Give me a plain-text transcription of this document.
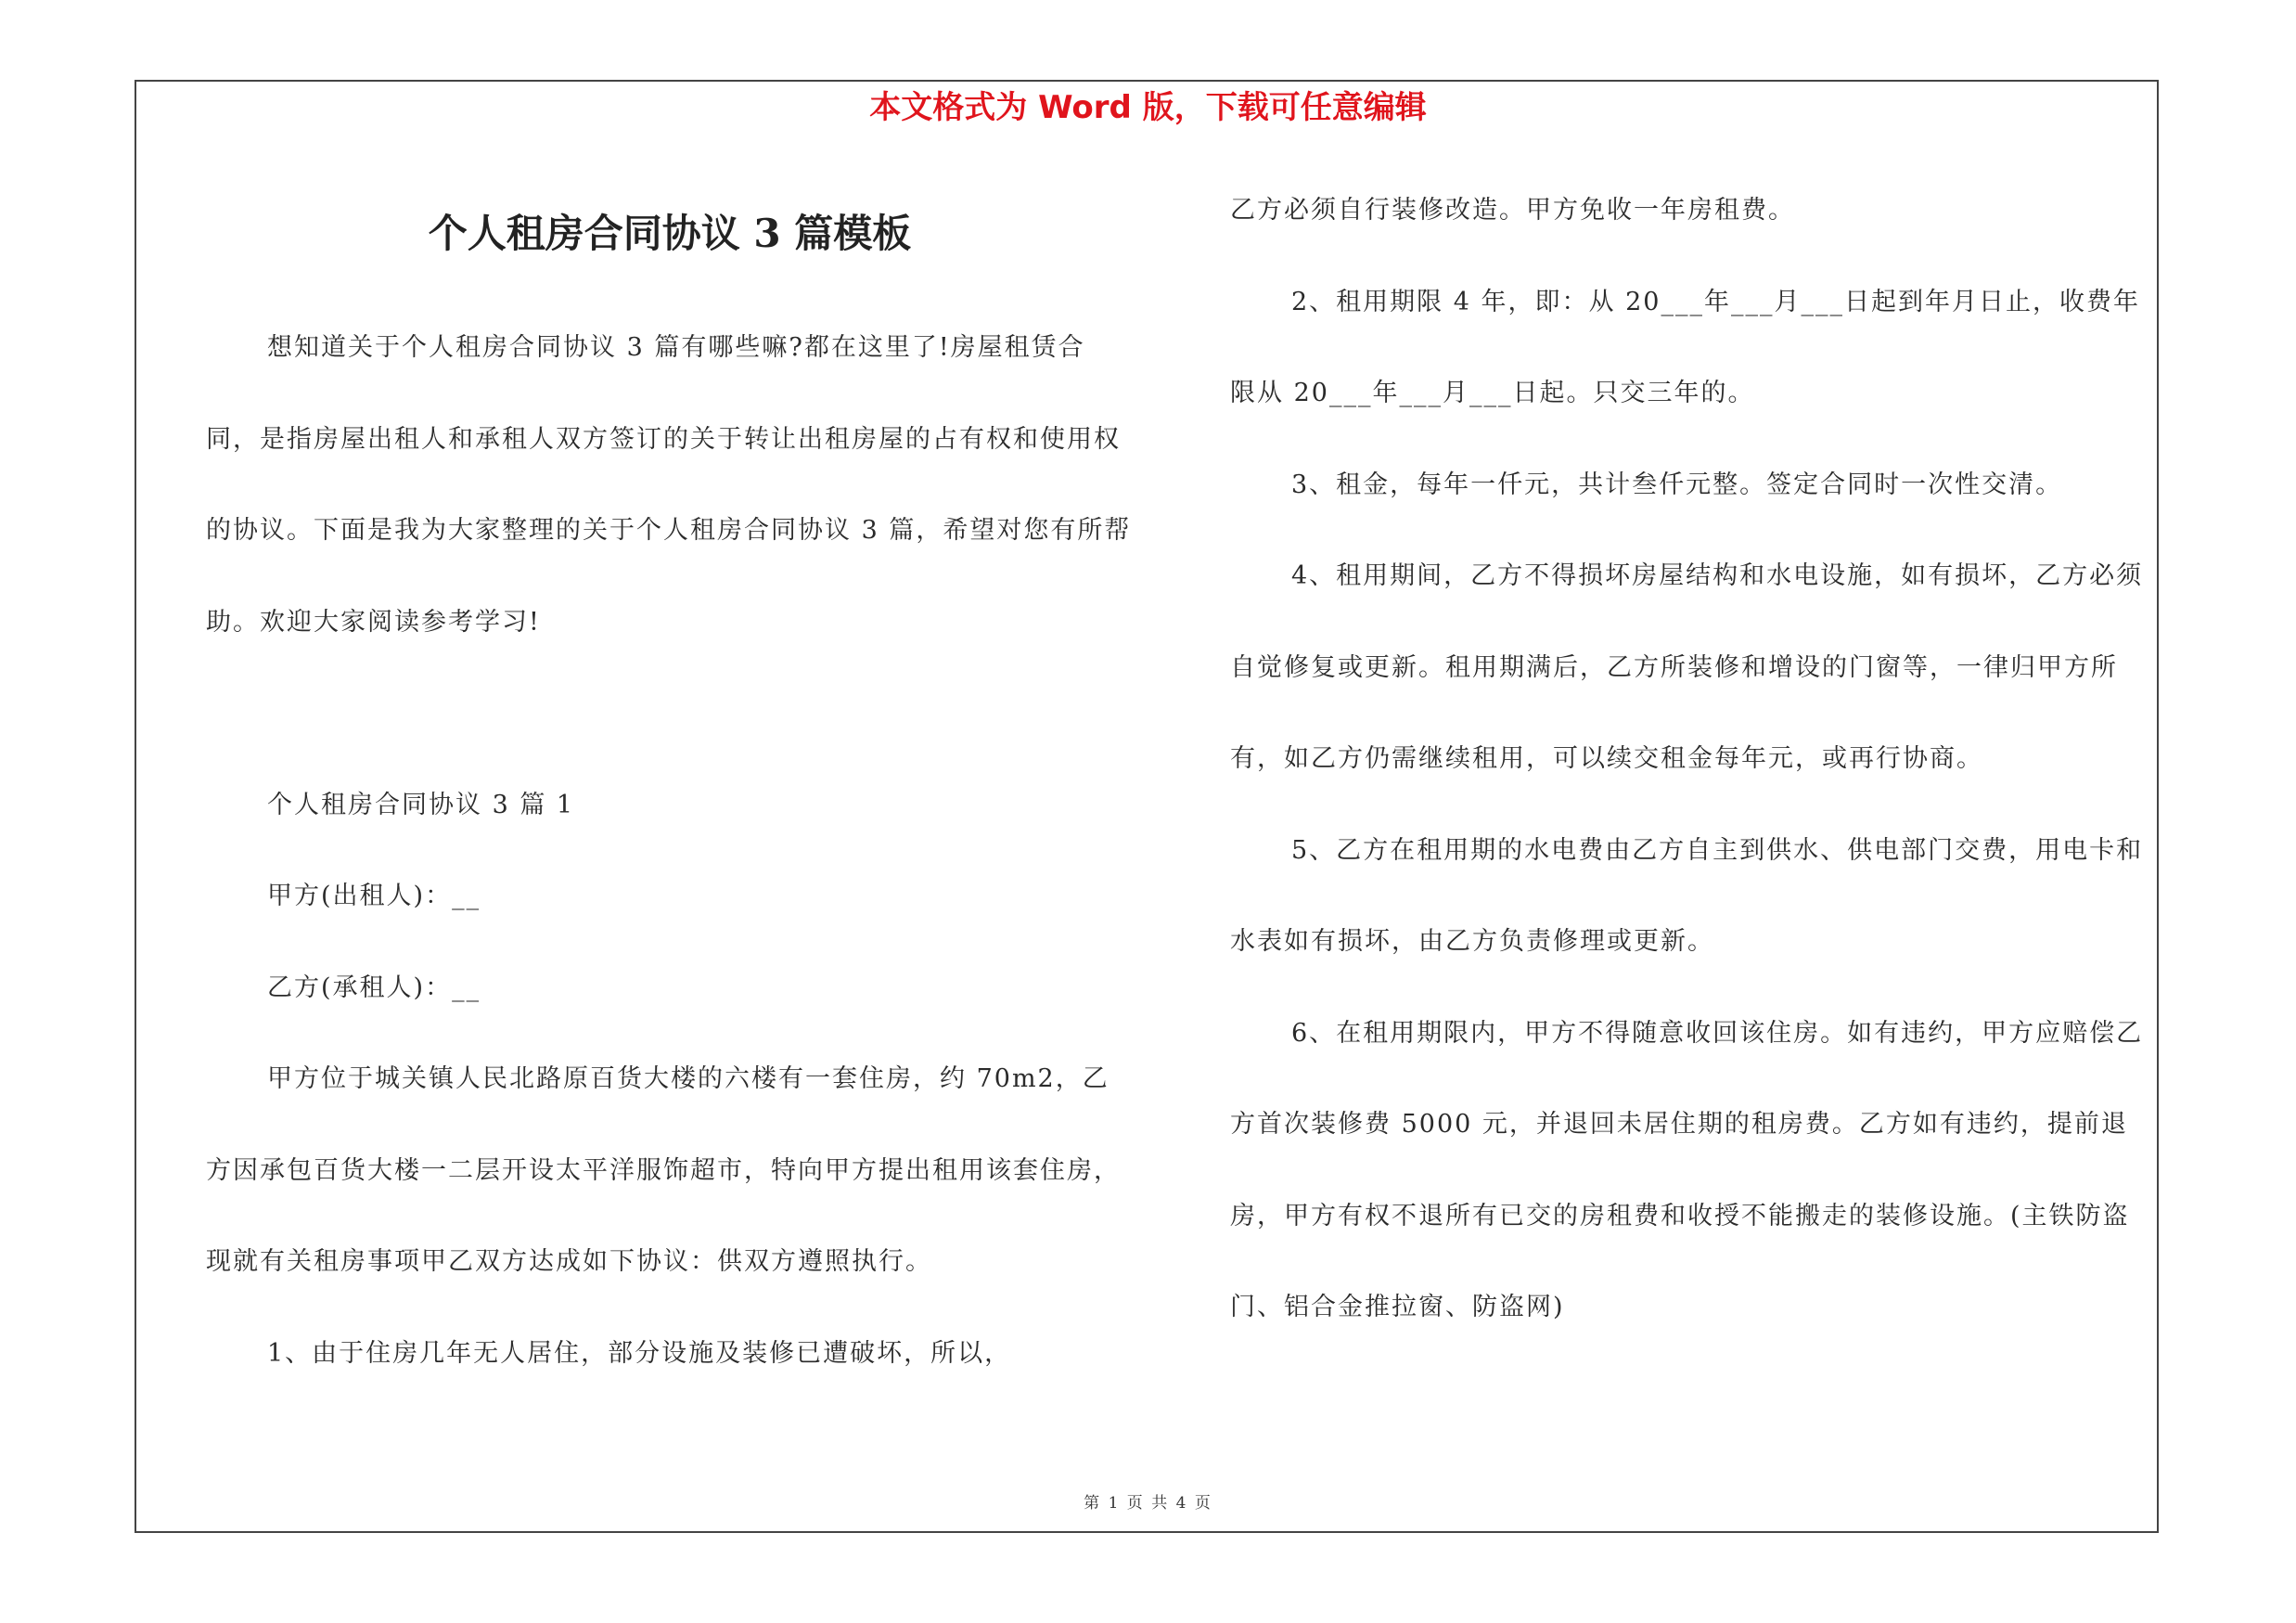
本文格式为 Word 版，下载可任意编辑
个人租房合同协议 3 篇模板

想知道关于个人租房合同协议 3 篇有哪些嘛?都在这里了!房屋租赁合同，是指房屋出租人和承租人双方签订的关于转让出租房屋的占有权和使用权的协议。下面是我为大家整理的关于个人租房合同协议 3 篇，希望对您有所帮助。欢迎大家阅读参考学习!

个人租房合同协议 3 篇 1

甲方(出租人)：__

乙方(承租人)：__

甲方位于城关镇人民北路原百货大楼的六楼有一套住房，约 70m2，乙方因承包百货大楼一二层开设太平洋服饰超市，特向甲方提出租用该套住房，现就有关租房事项甲乙双方达成如下协议：供双方遵照执行。

1、由于住房几年无人居住，部分设施及装修已遭破坏，所以，

乙方必须自行装修改造。甲方免收一年房租费。

2、租用期限 4 年，即：从 20___年___月___日起到年月日止，收费年限从 20___年___月___日起。只交三年的。

3、租金，每年一仟元，共计叁仟元整。签定合同时一次性交清。

4、租用期间，乙方不得损坏房屋结构和水电设施，如有损坏，乙方必须自觉修复或更新。租用期满后，乙方所装修和增设的门窗等，一律归甲方所有，如乙方仍需继续租用，可以续交租金每年元，或再行协商。

5、乙方在租用期的水电费由乙方自主到供水、供电部门交费，用电卡和水表如有损坏，由乙方负责修理或更新。

6、在租用期限内，甲方不得随意收回该住房。如有违约，甲方应赔偿乙方首次装修费 5000 元，并退回未居住期的租房费。乙方如有违约，提前退房，甲方有权不退所有已交的房租费和收授不能搬走的装修设施。(主铁防盗门、铝合金推拉窗、防盗网)

第 1 页 共 4 页
